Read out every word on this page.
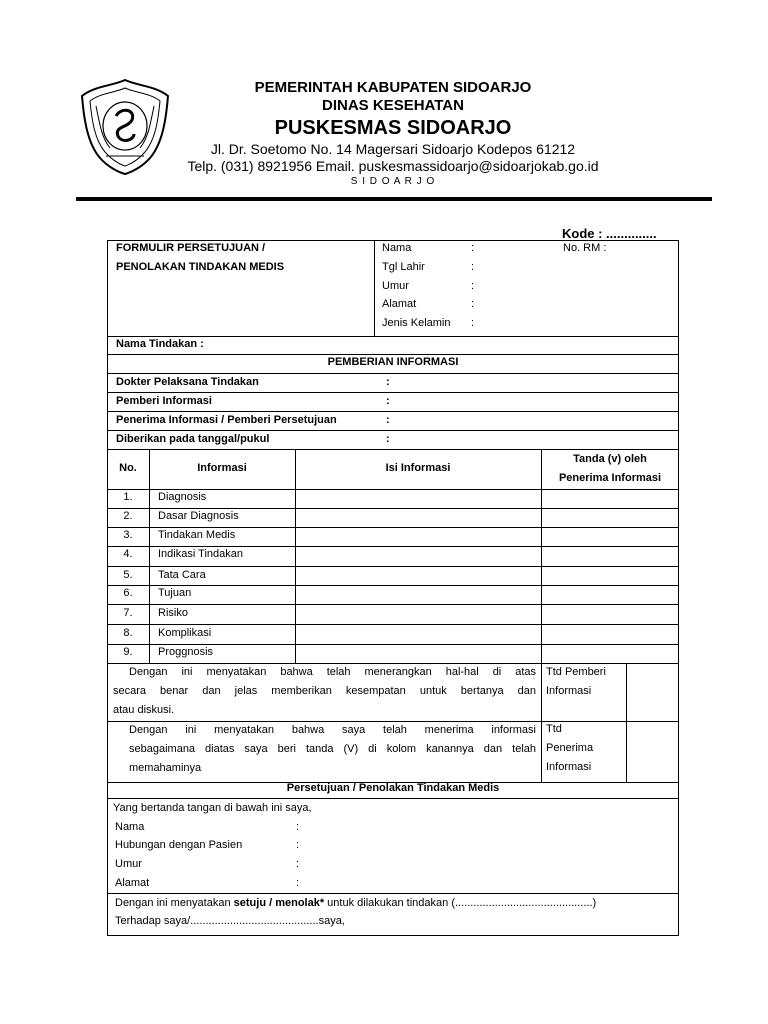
PEMERINTAH KABUPATEN SIDOARJO
DINAS KESEHATAN
PUSKESMAS SIDOARJO
Jl. Dr. Soetomo No. 14 Magersari Sidoarjo Kodepos 61212
Telp. (031) 8921956 Email. puskesmassidoarjo@sidoarjokab.go.id
S I D O A R J O
Kode : ..............
FORMULIR PERSETUJUAN /
PENOLAKAN TINDAKAN MEDIS
Nama	:
Tgl Lahir	:
Umur	:
Alamat	:
Jenis Kelamin :
No. RM :
Nama Tindakan :
PEMBERIAN INFORMASI
Dokter Pelaksana Tindakan	:
Pemberi Informasi	:
Penerima Informasi / Pemberi Persetujuan	:
Diberikan pada tanggal/pukul	:
No.	Informasi	Isi Informasi
Tanda (v) oleh
Penerima Informasi
1.	Diagnosis
2.	Dasar Diagnosis
3.	Tindakan Medis
4.	Indikasi Tindakan
5.	Tata Cara
6.	Tujuan
7.	Risiko
8.	Komplikasi
9.	Proggnosis
Dengan ini menyatakan bahwa telah menerangkan hal-hal di atas
secara benar dan jelas memberikan kesempatan untuk bertanya dan
atau diskusi.
Ttd Pemberi
Informasi
Dengan ini menyatakan bahwa saya telah menerima informasi
sebagaimana diatas saya beri tanda (V) di kolom kanannya dan telah
memahaminya
Ttd
Penerima
Informasi
Persetujuan / Penolakan Tindakan Medis
Yang bertanda tangan di bawah ini saya,
Nama	:
Hubungan dengan Pasien	:
Umur	:
Alamat	:
Dengan ini menyatakan setuju / menolak* untuk dilakukan tindakan (.............................................)
Terhadap saya/..........................................saya,
